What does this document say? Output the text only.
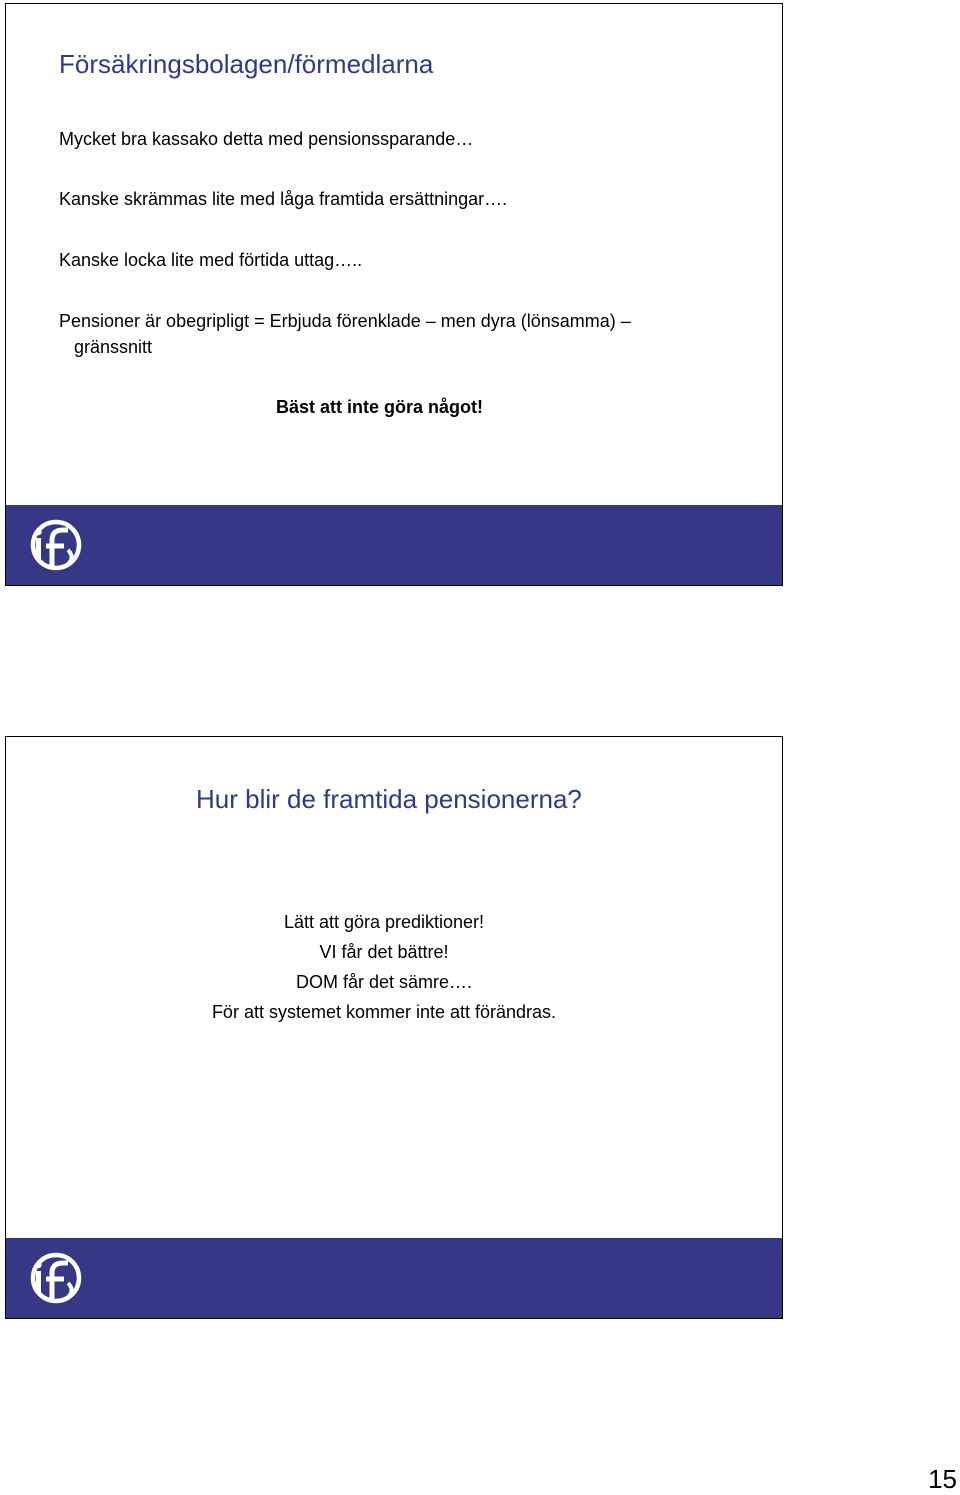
Försäkringsbolagen/förmedlarna
Mycket bra kassako detta med pensionssparande…
Kanske skrämmas lite med låga framtida ersättningar….
Kanske locka lite med förtida uttag…..
Pensioner är obegripligt = Erbjuda förenklade – men dyra (lönsamma) –
gränssnitt
Bäst att inte göra något!
Hur blir de framtida pensionerna?
Lätt att göra prediktioner!
VI får det bättre!
DOM får det sämre….
För att systemet kommer inte att förändras.
15
